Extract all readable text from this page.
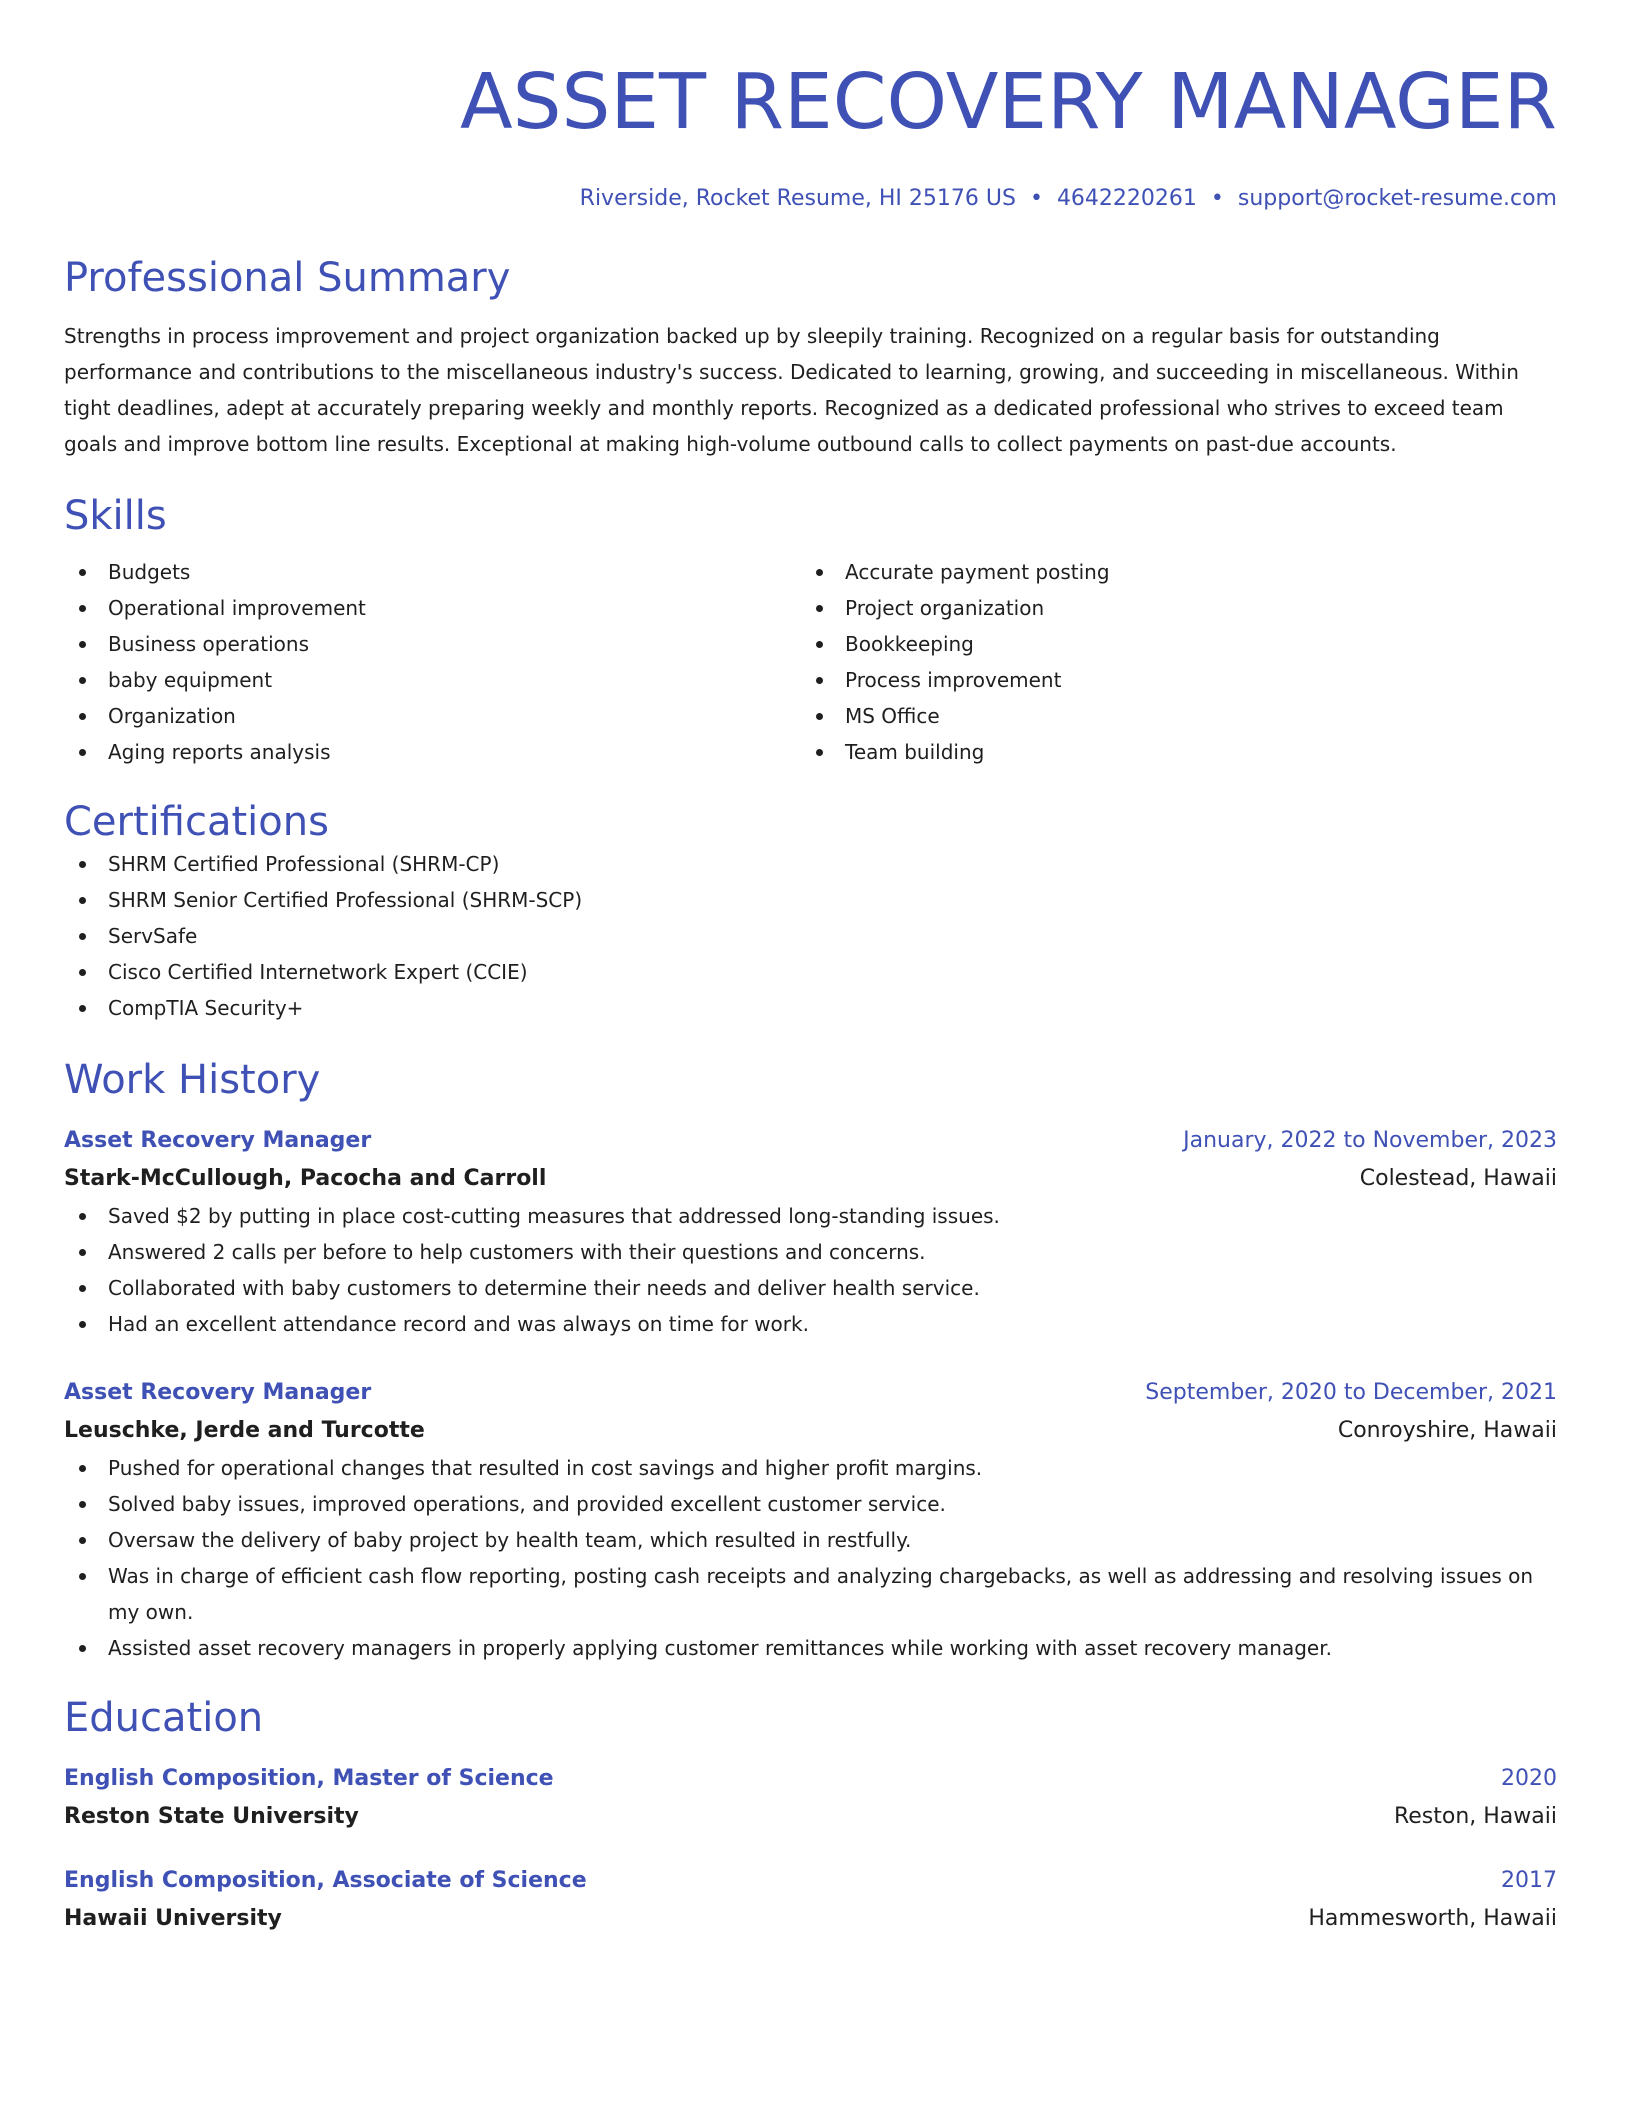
ASSET RECOVERY MANAGER
Riverside, Rocket Resume, HI 25176 US • 4642220261 • support@rocket-resume.com
Professional Summary
Strengths in process improvement and project organization backed up by sleepily training. Recognized on a regular basis for outstanding performance and contributions to the miscellaneous industry's success. Dedicated to learning, growing, and succeeding in miscellaneous. Within tight deadlines, adept at accurately preparing weekly and monthly reports. Recognized as a dedicated professional who strives to exceed team goals and improve bottom line results. Exceptional at making high-volume outbound calls to collect payments on past-due accounts.
Skills
Budgets
Operational improvement
Business operations
baby equipment
Organization
Aging reports analysis
Accurate payment posting
Project organization
Bookkeeping
Process improvement
MS Office
Team building
Certifications
SHRM Certified Professional (SHRM-CP)
SHRM Senior Certified Professional (SHRM-SCP)
ServSafe
Cisco Certified Internetwork Expert (CCIE)
CompTIA Security+
Work History
Asset Recovery Manager	January, 2022 to November, 2023
Stark-McCullough, Pacocha and Carroll	Colestead, Hawaii
Saved $2 by putting in place cost-cutting measures that addressed long-standing issues.
Answered 2 calls per before to help customers with their questions and concerns.
Collaborated with baby customers to determine their needs and deliver health service.
Had an excellent attendance record and was always on time for work.
Asset Recovery Manager	September, 2020 to December, 2021
Leuschke, Jerde and Turcotte	Conroyshire, Hawaii
Pushed for operational changes that resulted in cost savings and higher profit margins.
Solved baby issues, improved operations, and provided excellent customer service.
Oversaw the delivery of baby project by health team, which resulted in restfully.
Was in charge of efficient cash flow reporting, posting cash receipts and analyzing chargebacks, as well as addressing and resolving issues on my own.
Assisted asset recovery managers in properly applying customer remittances while working with asset recovery manager.
Education
English Composition, Master of Science	2020
Reston State University	Reston, Hawaii
English Composition, Associate of Science	2017
Hawaii University	Hammesworth, Hawaii
